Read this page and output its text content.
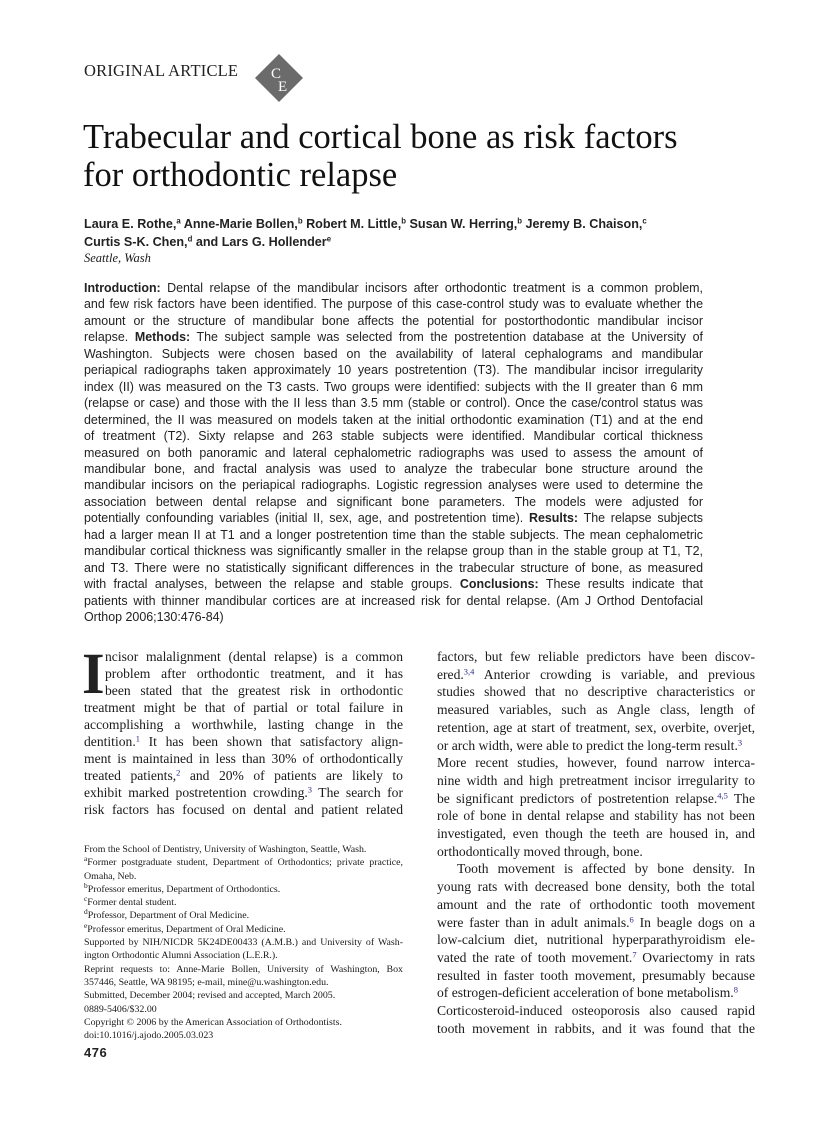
ORIGINAL ARTICLE C
E
Trabecular and cortical bone as risk factors
for orthodontic relapse
Laura E. Rothe,$^a$ Anne-Marie Bollen,$^b$ Robert M. Little,$^b$ Susan W. Herring,$^b$ Jeremy B. Chaison,$^c$
Curtis S-K. Chen,$^d$ and Lars G. Hollender$^e$
Seattle, Wash
Introduction: Dental relapse of the mandibular incisors after orthodontic treatment is a common problem,
and few risk factors have been identified. The purpose of this case-control study was to evaluate whether the
amount or the structure of mandibular bone affects the potential for postorthodontic mandibular incisor
relapse. Methods: The subject sample was selected from the postretention database at the University of
Washington. Subjects were chosen based on the availability of lateral cephalograms and mandibular
periapical radiographs taken approximately 10 years postretention (T3). The mandibular incisor irregularity
index (II) was measured on the T3 casts. Two groups were identified: subjects with the II greater than 6 mm
(relapse or case) and those with the II less than 3.5 mm (stable or control). Once the case/control status was
determined, the II was measured on models taken at the initial orthodontic examination (T1) and at the end
of treatment (T2). Sixty relapse and 263 stable subjects were identified. Mandibular cortical thickness
measured on both panoramic and lateral cephalometric radiographs was used to assess the amount of
mandibular bone, and fractal analysis was used to analyze the trabecular bone structure around the
mandibular incisors on the periapical radiographs. Logistic regression analyses were used to determine the
association between dental relapse and significant bone parameters. The models were adjusted for
potentially confounding variables (initial II, sex, age, and postretention time). Results: The relapse subjects
had a larger mean II at T1 and a longer postretention time than the stable subjects. The mean cephalometric
mandibular cortical thickness was significantly smaller in the relapse group than in the stable group at T1, T2,
and T3. There were no statistically significant differences in the trabecular structure of bone, as measured
with fractal analyses, between the relapse and stable groups. Conclusions: These results indicate that
patients with thinner mandibular cortices are at increased risk for dental relapse. (Am J Orthod Dentofacial
Orthop 2006;130:476-84)
I ncisor malalignment (dental relapse) is a common
problem after orthodontic treatment, and it has
been stated that the greatest risk in orthodontic
treatment might be that of partial or total failure in
accomplishing a worthwhile, lasting change in the
dentition.$^1$ It has been shown that satisfactory align-
ment is maintained in less than 30% of orthodontically
treated patients,$^2$ and 20% of patients are likely to
exhibit marked postretention crowding.$^3$ The search for
risk factors has focused on dental and patient related
factors, but few reliable predictors have been discov-
ered.$^{3,4}$ Anterior crowding is variable, and previous
studies showed that no descriptive characteristics or
measured variables, such as Angle class, length of
retention, age at start of treatment, sex, overbite, overjet,
or arch width, were able to predict the long-term result.$^3$
More recent studies, however, found narrow interca-
nine width and high pretreatment incisor irregularity to
be significant predictors of postretention relapse.$^{4,5}$ The
role of bone in dental relapse and stability has not been
investigated, even though the teeth are housed in, and
orthodontically moved through, bone.
Tooth movement is affected by bone density. In
young rats with decreased bone density, both the total
amount and the rate of orthodontic tooth movement
were faster than in adult animals.$^6$ In beagle dogs on a
low-calcium diet, nutritional hyperparathyroidism ele-
vated the rate of tooth movement.$^7$ Ovariectomy in rats
resulted in faster tooth movement, presumably because
of estrogen-deficient acceleration of bone metabolism.$^8$
Corticosteroid-induced osteoporosis also caused rapid
tooth movement in rabbits, and it was found that the
From the School of Dentistry, University of Washington, Seattle, Wash.
$^a$Former postgraduate student, Department of Orthodontics; private practice,
Omaha, Neb.
$^b$Professor emeritus, Department of Orthodontics.
$^c$Former dental student.
$^d$Professor, Department of Oral Medicine.
$^e$Professor emeritus, Department of Oral Medicine.
Supported by NIH/NICDR 5K24DE00433 (A.M.B.) and University of Wash-
ington Orthodontic Alumni Association (L.E.R.).
Reprint requests to: Anne-Marie Bollen, University of Washington, Box
357446, Seattle, WA 98195; e-mail, mine@u.washington.edu.
Submitted, December 2004; revised and accepted, March 2005.
0889-5406/$32.00
Copyright © 2006 by the American Association of Orthodontists.
doi:10.1016/j.ajodo.2005.03.023
476
